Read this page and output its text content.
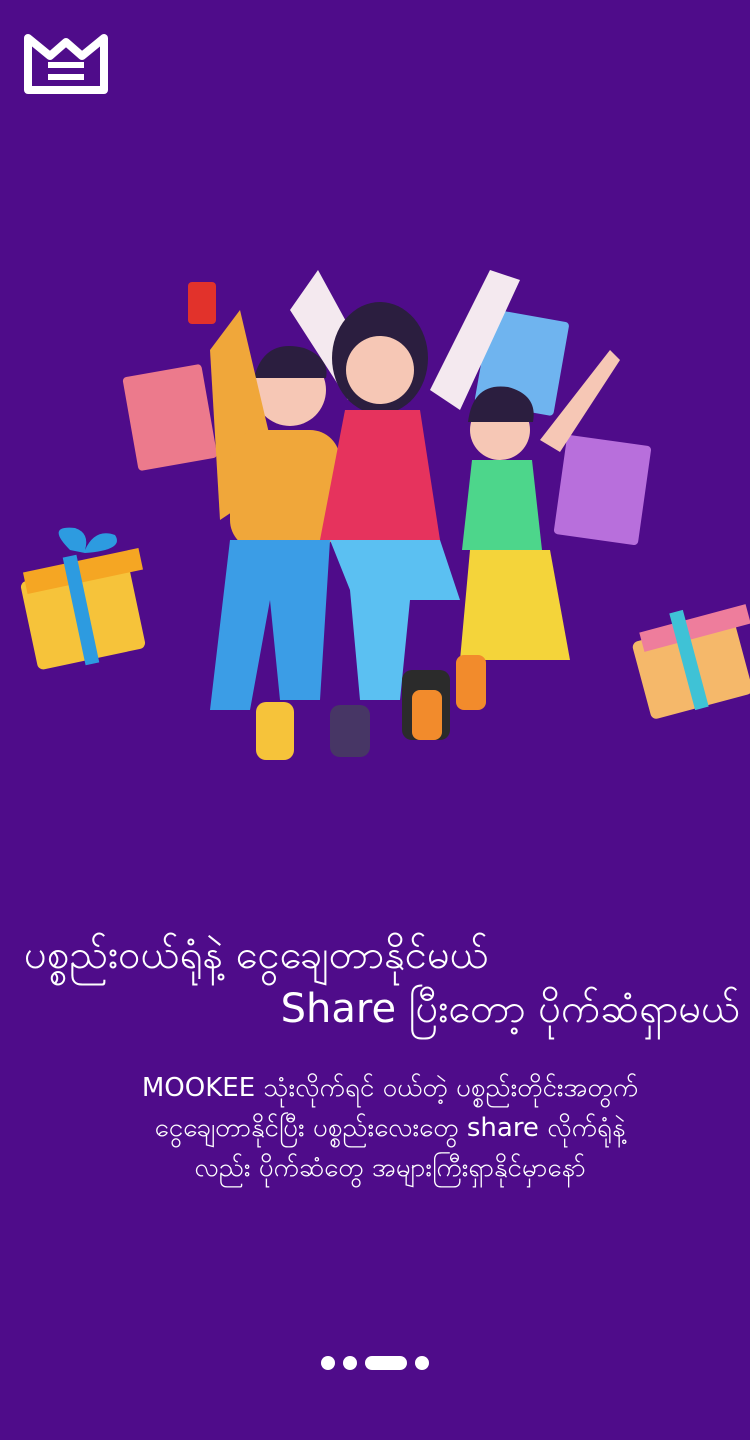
ပစ္စည်းဝယ်ရုံနဲ့ ငွေချေတာနိုင်မယ်
Share ပြီးတော့ ပိုက်ဆံရှာမယ်
MOOKEE သုံးလိုက်ရင် ဝယ်တဲ့ ပစ္စည်းတိုင်းအတွက်
ငွေချေတာနိုင်ပြီး ပစ္စည်းလေးတွေ share လိုက်ရုံနဲ့
လည်း ပိုက်ဆံတွေ အများကြီးရှာနိုင်မှာနော်
